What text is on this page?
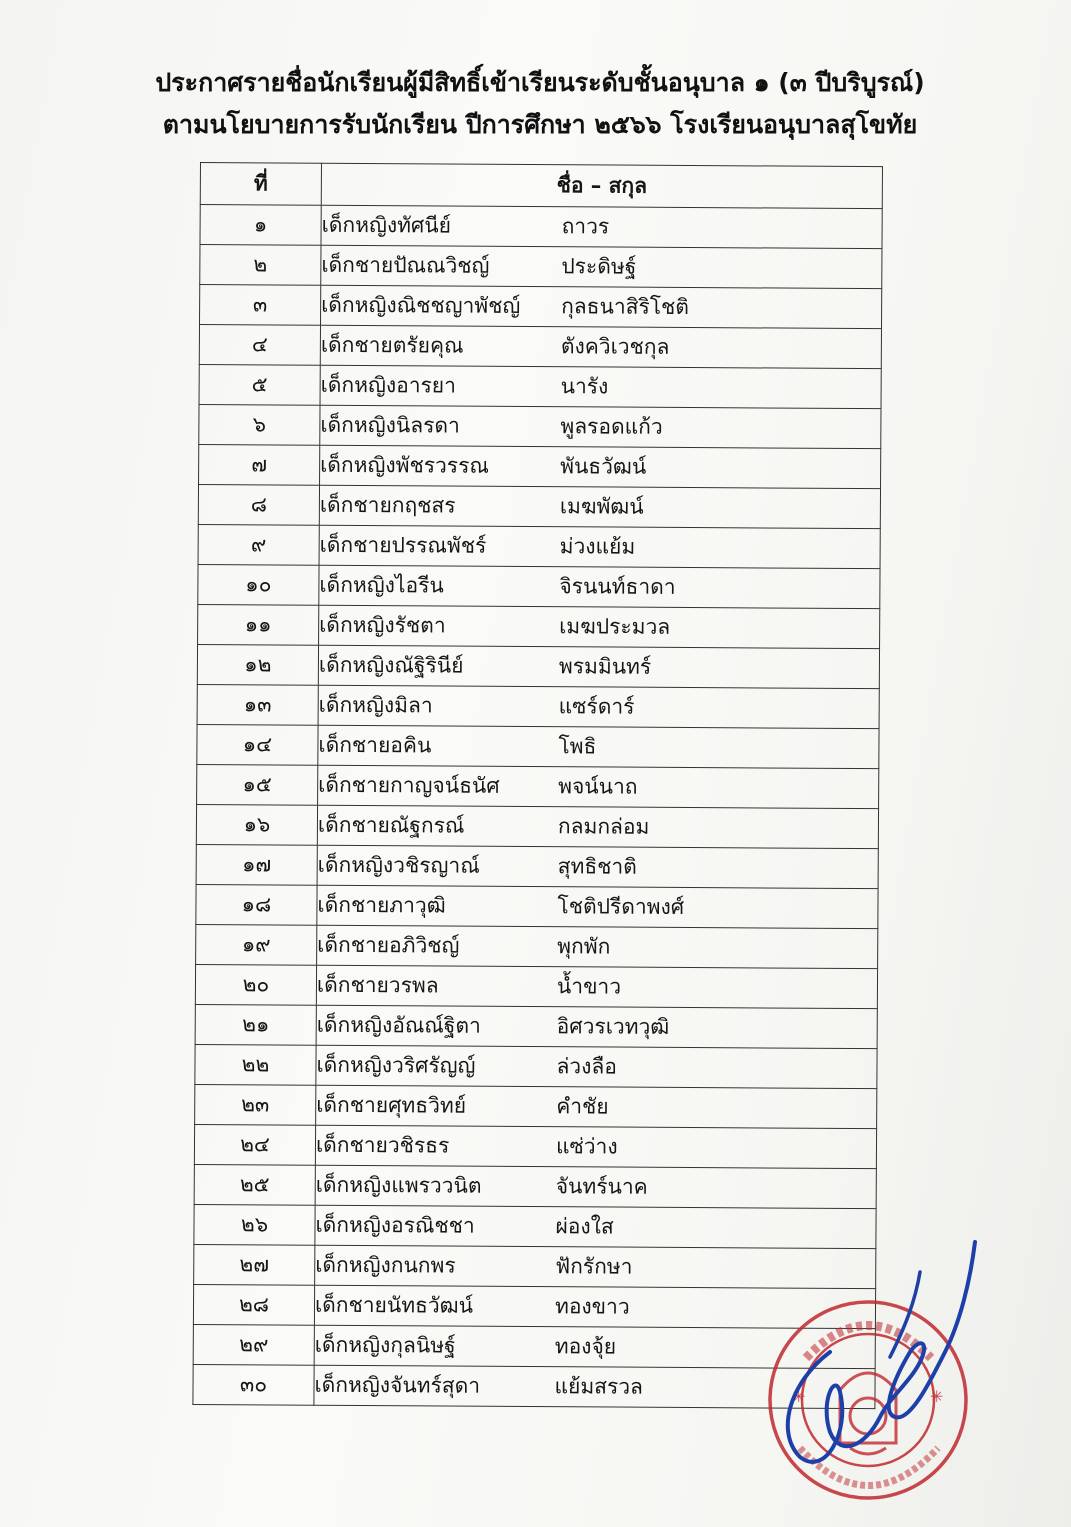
ประกาศรายชื่อนักเรียนผู้มีสิทธิ์เข้าเรียนระดับชั้นอนุบาล ๑ (๓ ปีบริบูรณ์)
ตามนโยบายการรับนักเรียน ปีการศึกษา ๒๕๖๖ โรงเรียนอนุบาลสุโขทัย
ที่	ชื่อ – สกุล
๑	เด็กหญิงทัศนีย์ ถาวร
๒	เด็กชายปัณณวิชญ์ ประดิษฐ์
๓	เด็กหญิงณิชชญาพัชญ์ กุลธนาสิริโชติ
๔	เด็กชายตรัยคุณ ตังควิเวชกุล
๕	เด็กหญิงอารยา นารัง
๖	เด็กหญิงนิลรดา พูลรอดแก้ว
๗	เด็กหญิงพัชรวรรณ พันธวัฒน์
๘	เด็กชายกฤชสร เมฆพัฒน์
๙	เด็กชายปรรณพัชร์ ม่วงแย้ม
๑๐	เด็กหญิงไอรีน จิรนนท์ธาดา
๑๑	เด็กหญิงรัชตา เมฆประมวล
๑๒	เด็กหญิงณัฐิรินีย์ พรมมินทร์
๑๓	เด็กหญิงมิลา แซร์ดาร์
๑๔	เด็กชายอคิน โพธิ
๑๕	เด็กชายกาญจน์ธนัศ พจน์นาถ
๑๖	เด็กชายณัฐกรณ์ กลมกล่อม
๑๗	เด็กหญิงวชิรญาณ์ สุทธิชาติ
๑๘	เด็กชายภาวุฒิ โชติปรีดาพงศ์
๑๙	เด็กชายอภิวิชญ์ พุกพัก
๒๐	เด็กชายวรพล น้ำขาว
๒๑	เด็กหญิงอัณณ์ฐิตา อิศวรเวทวุฒิ
๒๒	เด็กหญิงวริศรัญญ์ ล่วงลือ
๒๓	เด็กชายศุทธวิทย์ คำชัย
๒๔	เด็กชายวชิรธร แซ่ว่าง
๒๕	เด็กหญิงแพรววนิต จันทร์นาค
๒๖	เด็กหญิงอรณิชชา ผ่องใส
๒๗	เด็กหญิงกนกพร ฟักรักษา
๒๘	เด็กชายนัทธวัฒน์ ทองขาว
๒๙	เด็กหญิงกุลนิษฐ์ ทองจุ้ย
๓๐	เด็กหญิงจันทร์สุดา แย้มสรวล	✳	✳
